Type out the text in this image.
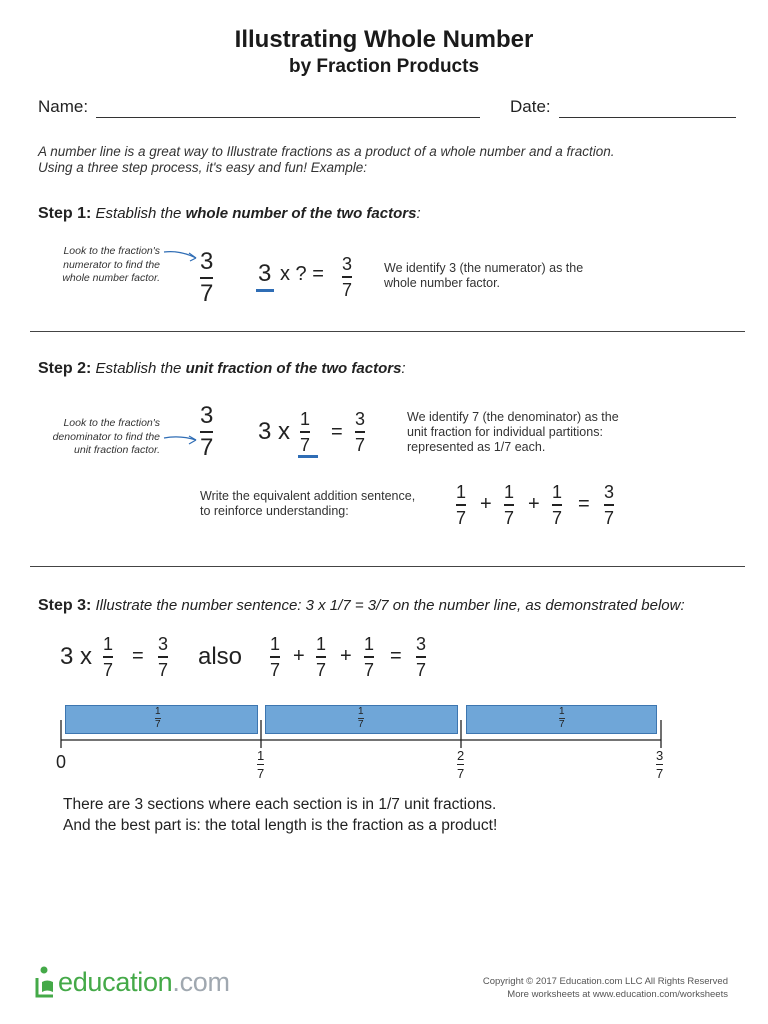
Illustrating Whole Number
by Fraction Products
Name:	Date:
A number line is a great way to Illustrate fractions as a product of a whole number and a fraction.
Using a three step process, it's easy and fun! Example:
Step 1: Establish the whole number of the two factors:
Look to the fraction's
numerator to find the
whole number factor.
3
7
3 x ? = 3
7
We identify 3 (the numerator) as the
whole number factor.
Step 2: Establish the unit fraction of the two factors:
Look to the fraction's
denominator to find the
unit fraction factor.
3
7
3 x 1
7
=
3
7
We identify 7 (the denominator) as the
unit fraction for individual partitions:
represented as 1/7 each.
Write the equivalent addition sentence,
to reinforce understanding:
1
7
+
1
7
+
1
7
=
3
7
Step 3: Illustrate the number sentence: 3 x 1/7 = 3/7 on the number line, as demonstrated below:
3 x 1
7
=
3
7 also 1
7
+
1
7
+
1
7
=
3
7
1
7
1
7
1
7
0	1
7
2
7
3
7
There are 3 sections where each section is in 1/7 unit fractions.
And the best part is: the total length is the fraction as a product!
education.com	Copyright © 2017 Education.com LLC All Rights Reserved
More worksheets at www.education.com/worksheets
